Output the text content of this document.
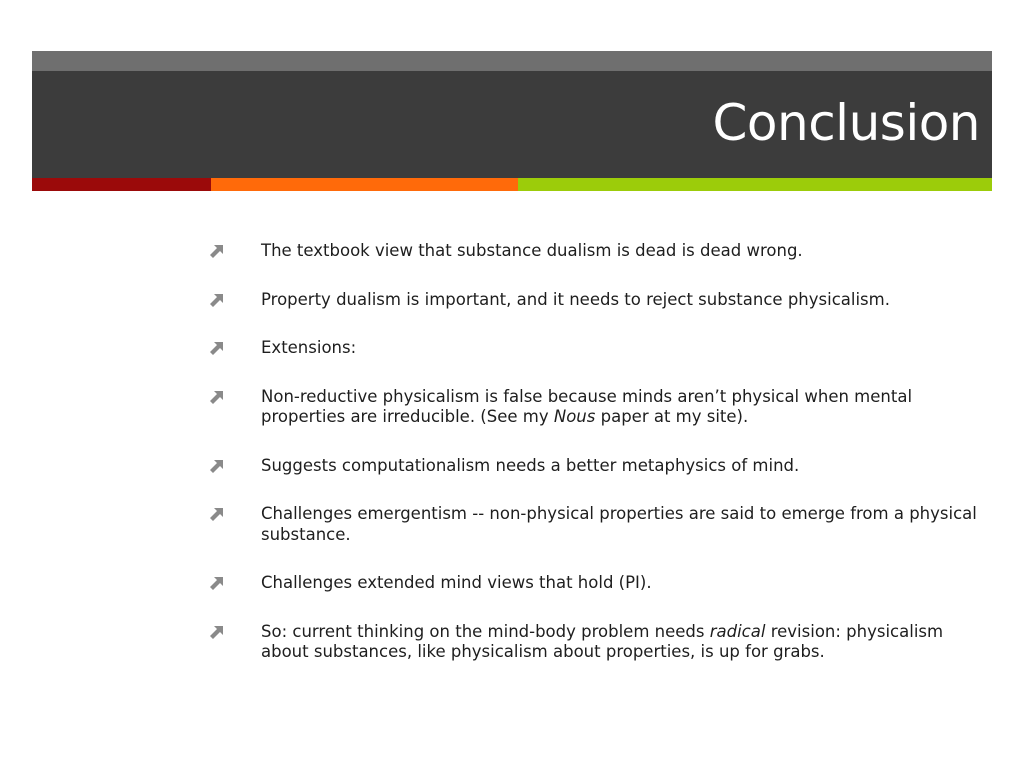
Conclusion
The textbook view that substance dualism is dead is dead wrong.
Property dualism is important, and it needs to reject substance physicalism.
Extensions:
Non-reductive physicalism is false because minds aren’t physical when mental properties are irreducible. (See my Nous paper at my site).
Suggests computationalism needs a better metaphysics of mind.
Challenges emergentism -- non-physical properties are said to emerge from a physical substance.
Challenges extended mind views that hold (PI).
So: current thinking on the mind-body problem needs radical revision: physicalism about substances, like physicalism about properties, is up for grabs.
